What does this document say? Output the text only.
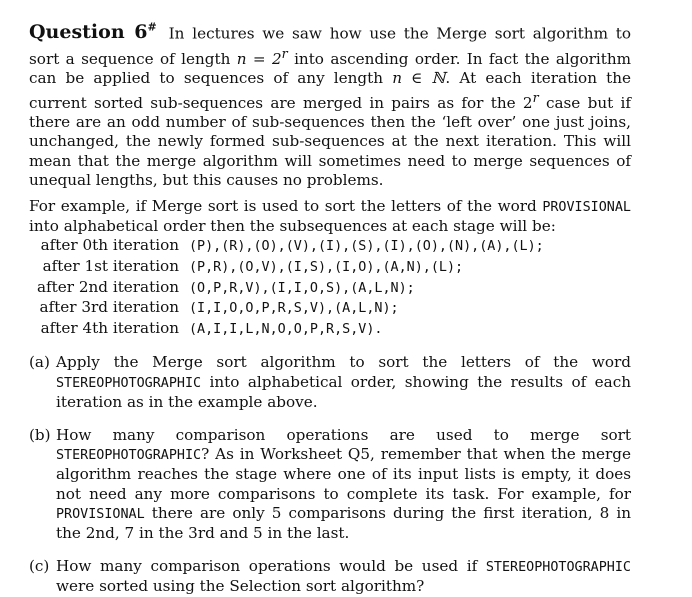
Question 6# In lectures we saw how use the Merge sort algorithm to sort a sequence of length $n = 2^r$ into ascending order. In fact the algorithm can be applied to sequences of any length n ∈ ℕ. At each iteration the current sorted sub-sequences are merged in pairs as for the 2$^r$ case but if there are an odd number of sub-sequences then the ‘left over’ one just joins, unchanged, the newly formed sub-sequences at the next iteration. This will mean that the merge algorithm will sometimes need to merge sequences of unequal lengths, but this causes no problems.

For example, if Merge sort is used to sort the letters of the word PROVISIONAL into alphabetical order then the subsequences at each stage will be:

after 0th iteration	(P),(R),(O),(V),(I),(S),(I),(O),(N),(A),(L);
after 1st iteration	(P,R),(O,V),(I,S),(I,O),(A,N),(L);
after 2nd iteration	(O,P,R,V),(I,I,O,S),(A,L,N);
after 3rd iteration	(I,I,O,O,P,R,S,V),(A,L,N);
after 4th iteration	(A,I,I,L,N,O,O,P,R,S,V).
(a) Apply the Merge sort algorithm to sort the letters of the word STEREOPHOTOGRAPHIC into alphabetical order, showing the results of each iteration as in the example above.
(b) How many comparison operations are used to merge sort STEREOPHOTOGRAPHIC? As in Worksheet Q5, remember that when the merge algorithm reaches the stage where one of its input lists is empty, it does not need any more comparisons to complete its task. For example, for PROVISIONAL there are only 5 comparisons during the first iteration, 8 in the 2nd, 7 in the 3rd and 5 in the last.
(c) How many comparison operations would be used if STEREOPHOTOGRAPHIC were sorted using the Selection sort algorithm?
